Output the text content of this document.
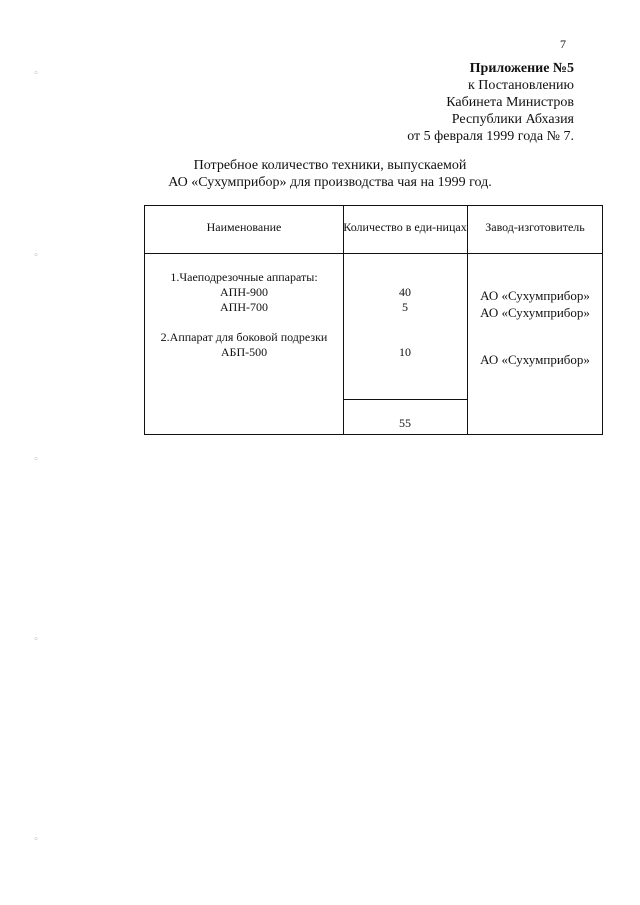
7
Приложение №5
к Постановлению
Кабинета Министров
Республики Абхазия
от 5 февраля 1999 года № 7.
Потребное количество техники, выпускаемой
АО «Сухумприбор» для производства чая на 1999 год.
Наименование	Количество в еди-ницах	Завод-изготовитель
1.Чаеподрезочные аппараты:
АПН-900
АПН-700
2.Аппарат для боковой подрезки
АБП-500
40
5
10
АО «Сухумприбор»
АО «Сухумприбор»
АО «Сухумприбор»
55
°
°
°
°
°
